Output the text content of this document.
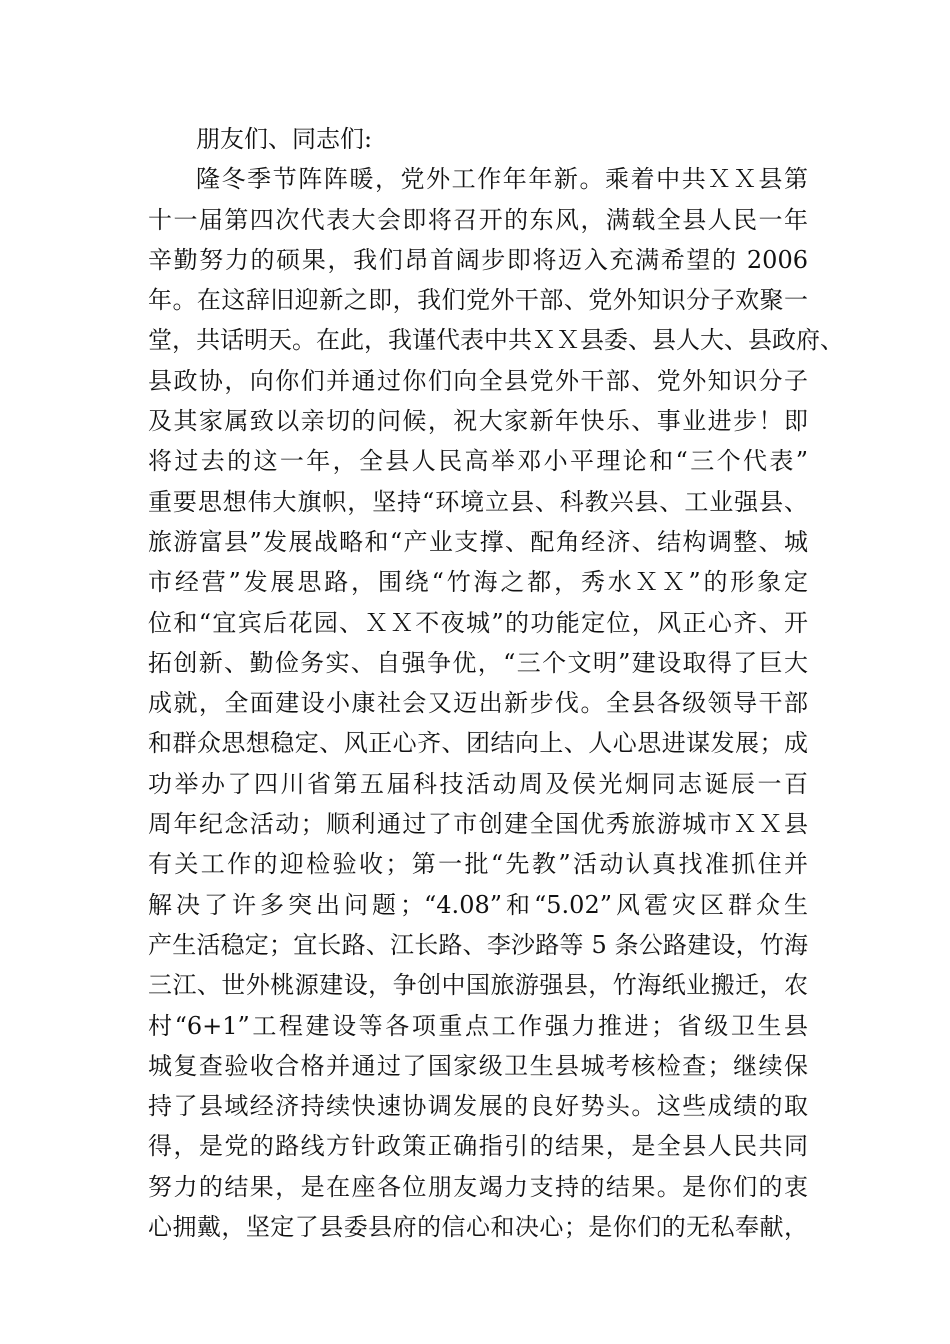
朋友们、同志们:
隆冬季节阵阵暖，党外工作年年新。乘着中共ＸＸ县第
十一届第四次代表大会即将召开的东风，满载全县人民一年
辛勤努力的硕果，我们昂首阔步即将迈入充满希望的 2006
年。在这辞旧迎新之即，我们党外干部、党外知识分子欢聚一
堂，共话明天。在此，我谨代表中共ＸＸ县委、县人大、县政府、
县政协，向你们并通过你们向全县党外干部、党外知识分子
及其家属致以亲切的问候，祝大家新年快乐、事业进步！即
将过去的这一年，全县人民高举邓小平理论和“三个代表”
重要思想伟大旗帜，坚持“环境立县、科教兴县、工业强县、
旅游富县”发展战略和“产业支撑、配角经济、结构调整、城
市经营”发展思路，围绕“竹海之都，秀水ＸＸ”的形象定
位和“宜宾后花园、ＸＸ不夜城”的功能定位，风正心齐、开
拓创新、勤俭务实、自强争优，“三个文明”建设取得了巨大
成就，全面建设小康社会又迈出新步伐。全县各级领导干部
和群众思想稳定、风正心齐、团结向上、人心思进谋发展；成
功举办了四川省第五届科技活动周及侯光炯同志诞辰一百
周年纪念活动；顺利通过了市创建全国优秀旅游城市ＸＸ县
有关工作的迎检验收；第一批“先教”活动认真找准抓住并
解决了许多突出问题；“4.08”和“5.02”风雹灾区群众生
产生活稳定；宜长路、江长路、李沙路等 5 条公路建设，竹海
三江、世外桃源建设，争创中国旅游强县，竹海纸业搬迁，农
村“6+1”工程建设等各项重点工作强力推进；省级卫生县
城复查验收合格并通过了国家级卫生县城考核检查；继续保
持了县域经济持续快速协调发展的良好势头。这些成绩的取
得，是党的路线方针政策正确指引的结果，是全县人民共同
努力的结果，是在座各位朋友竭力支持的结果。是你们的衷
心拥戴，坚定了县委县府的信心和决心；是你们的无私奉献，
